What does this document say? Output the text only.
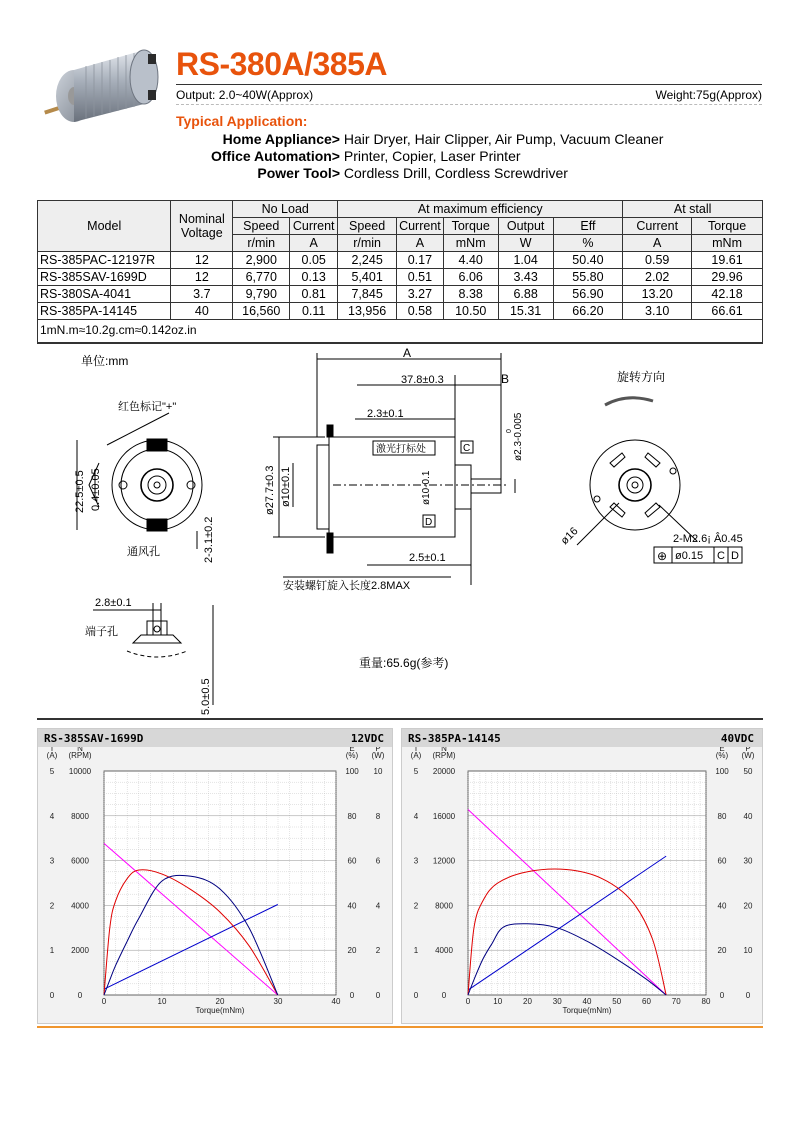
RS-380A/385A
Output: 2.0~40W(Approx)	Weight:75g(Approx)
Typical Application:
Home Appliance> Hair Dryer, Hair Clipper, Air Pump, Vacuum Cleaner
Office Automation> Printer, Copier, Laser Printer
Power Tool> Cordless Drill, Cordless Screwdriver
Model	Nominal Voltage	No Load		At maximum efficiency					At stall	
		Speed	Current	Speed	Current	Torque	Output	Eff	Current	Torque
		r/min	A	r/min	A	mNm	W	%	A	mNm
RS-385PAC-12197R	12	2,900	0.05	2,245	0.17	4.40	1.04	50.40	0.59	19.61
RS-385SAV-1699D	12	6,770	0.13	5,401	0.51	6.06	3.43	55.80	2.02	29.96
RS-380SA-4041	3.7	9,790	0.81	7,845	3.27	8.38	6.88	56.90	13.20	42.18
RS-385PA-14145	40	16,560	0.11	13,956	0.58	10.50	15.31	66.20	3.10	66.61
1mN.m≈10.2g.cm≈0.142oz.in
红色标记"+"
通风孔
单位:mm
22.5±0.5 0.4±0.05
2-3.1±0.2
激光打标处	C
D
A
B
37.8±0.3
2.3±0.1	ø2.3-0.005
0
ø27.7±0.3 ø10±0.1	ø10-0.1
2.5±0.1
安装螺钉旋入长度2.8MAX
旋转方向
ø16	2-M2.6¡ Â0.45
⊕ ø0.15 C D
2.8±0.1
端子孔
5.0±0.5
重量:65.6g(参考)
RS-385SAV-1699D	12VDC
0	10	20	30	40
Torque(mNm)
0	0	0	0
1 2000	20 2
2 4000	40 4
3 6000	60 6
4 8000	80 8
5 10000	100 10
I
(A)
N
(RPM)
E
(%)
P
(W)
RS-385PA-14145	40VDC
0	10	20	30	40	50	60	70	80
Torque(mNm)
0	0	0	0
1 4000	20 10
2 8000	40 20
3 12000	60 30
4 16000	80 40
5 20000	100 50
I
(A)
N
(RPM)
E
(%)
P
(W)
